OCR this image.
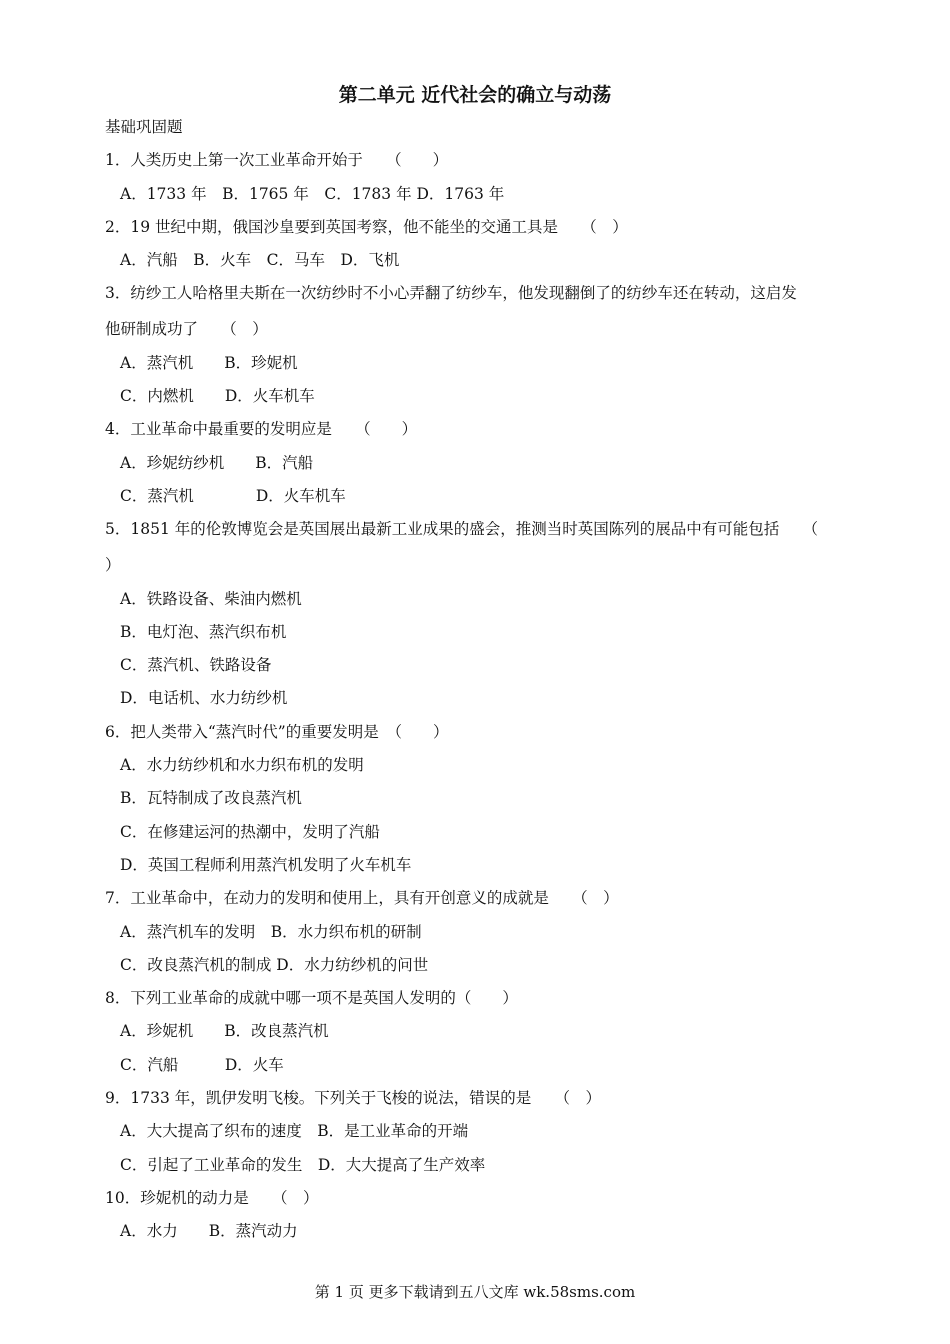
第二单元 近代社会的确立与动荡
基础巩固题
1．人类历史上第一次工业革命开始于　　（　　）
A．1733 年　B．1765 年　C．1783 年 D．1763 年
2．19 世纪中期，俄国沙皇要到英国考察，他不能坐的交通工具是　　（　）
A．汽船　B．火车　C．马车　D．飞机
3．纺纱工人哈格里夫斯在一次纺纱时不小心弄翻了纺纱车，他发现翻倒了的纺纱车还在转动，这启发
他研制成功了　　（　）
A．蒸汽机　　B．珍妮机
C．内燃机　　D．火车机车
4．工业革命中最重要的发明应是　　（　　）
A．珍妮纺纱机　　B．汽船
C．蒸汽机　　　　D．火车机车
5．1851 年的伦敦博览会是英国展出最新工业成果的盛会，推测当时英国陈列的展品中有可能包括　　（
）
A．铁路设备、柴油内燃机
B．电灯泡、蒸汽织布机
C．蒸汽机、铁路设备
D．电话机、水力纺纱机
6．把人类带入“蒸汽时代”的重要发明是　（　　）
A．水力纺纱机和水力织布机的发明
B．瓦特制成了改良蒸汽机
C．在修建运河的热潮中，发明了汽船
D．英国工程师利用蒸汽机发明了火车机车
7．工业革命中，在动力的发明和使用上，具有开创意义的成就是　　（　）
A．蒸汽机车的发明　B．水力织布机的研制
C．改良蒸汽机的制成 D．水力纺纱机的问世
8．下列工业革命的成就中哪一项不是英国人发明的（　　）
A．珍妮机　　B．改良蒸汽机
C．汽船　　　D．火车
9．1733 年，凯伊发明飞梭。下列关于飞梭的说法，错误的是　　（　）
A．大大提高了织布的速度　B．是工业革命的开端
C．引起了工业革命的发生　D．大大提高了生产效率
10．珍妮机的动力是　　（　）
A．水力　　B．蒸汽动力
第 1 页 更多下载请到五八文库 wk.58sms.com
